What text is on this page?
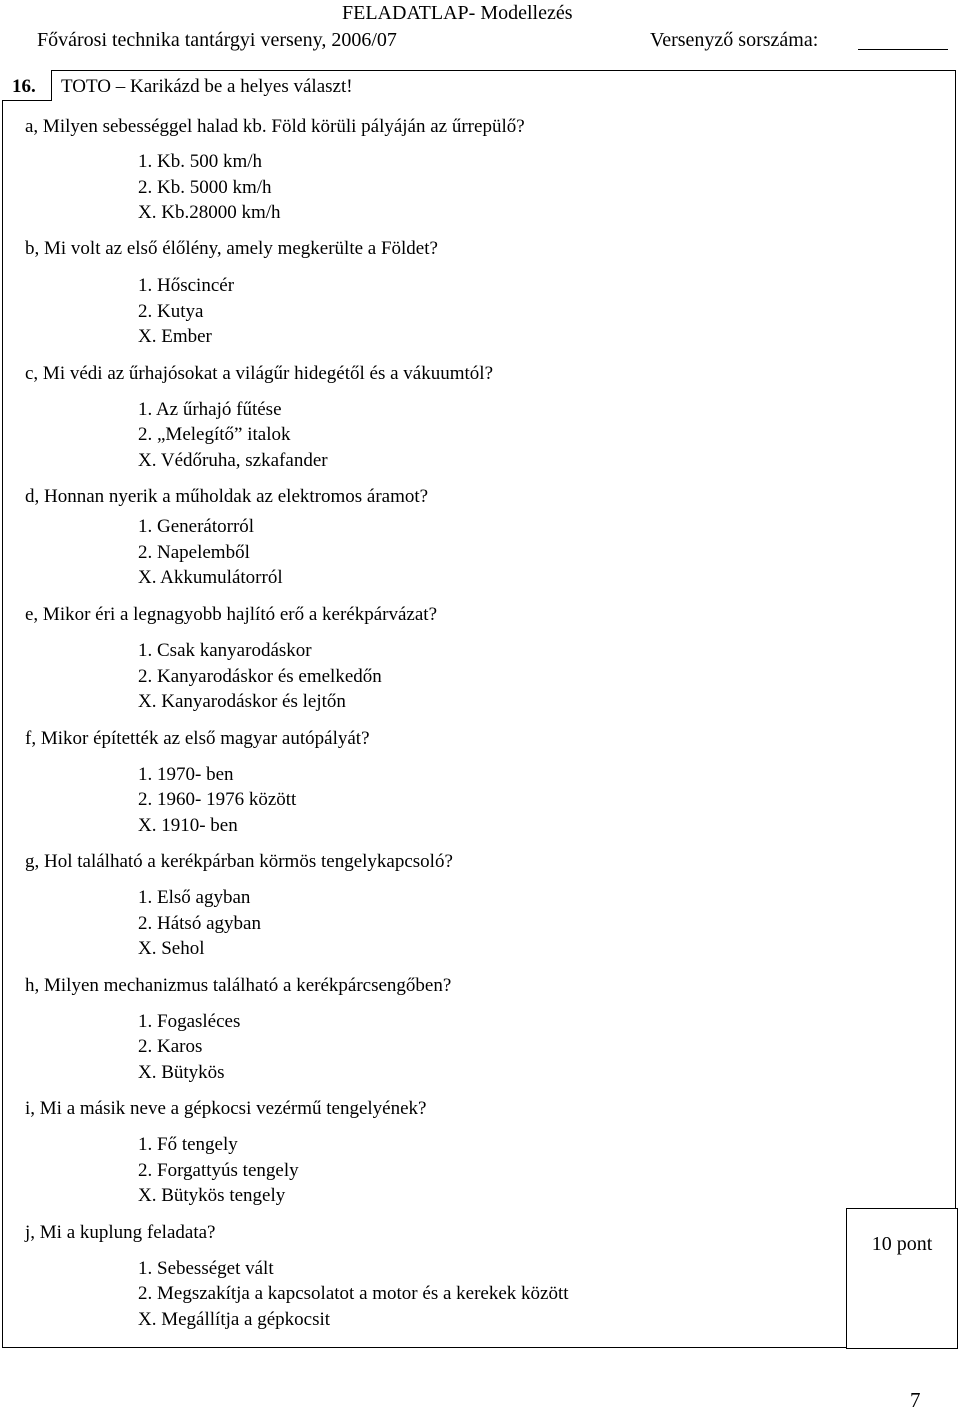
FELADATLAP- Modellezés
Fővárosi technika tantárgyi verseny, 2006/07	Versenyző sorszáma:
16. TOTO – Karikázd be a helyes választ!
a, Milyen sebességgel halad kb. Föld körüli pályáján az űrrepülő?
1. Kb. 500 km/h
2. Kb. 5000 km/h
X. Kb.28000 km/h
b, Mi volt az első élőlény, amely megkerülte a Földet?
1. Hőscincér
2. Kutya
X. Ember
c, Mi védi az űrhajósokat a világűr hidegétől és a vákuumtól?
1. Az űrhajó fűtése
2. „Melegítő” italok
X. Védőruha, szkafander
d, Honnan nyerik a műholdak az elektromos áramot?
1. Generátorról
2. Napelemből
X. Akkumulátorról
e, Mikor éri a legnagyobb hajlító erő a kerékpárvázat?
1. Csak kanyarodáskor
2. Kanyarodáskor és emelkedőn
X. Kanyarodáskor és lejtőn
f, Mikor építették az első magyar autópályát?
1. 1970- ben
2. 1960- 1976 között
X. 1910- ben
g, Hol található a kerékpárban körmös tengelykapcsoló?
1. Első agyban
2. Hátsó agyban
X. Sehol
h, Milyen mechanizmus található a kerékpárcsengőben?
1. Fogasléces
2. Karos
X. Bütykös
i, Mi a másik neve a gépkocsi vezérmű tengelyének?
1. Fő tengely
2. Forgattyús tengely
X. Bütykös tengely
j, Mi a kuplung feladata?
1. Sebességet vált
2. Megszakítja a kapcsolatot a motor és a kerekek között
X. Megállítja a gépkocsit
10 pont
7
